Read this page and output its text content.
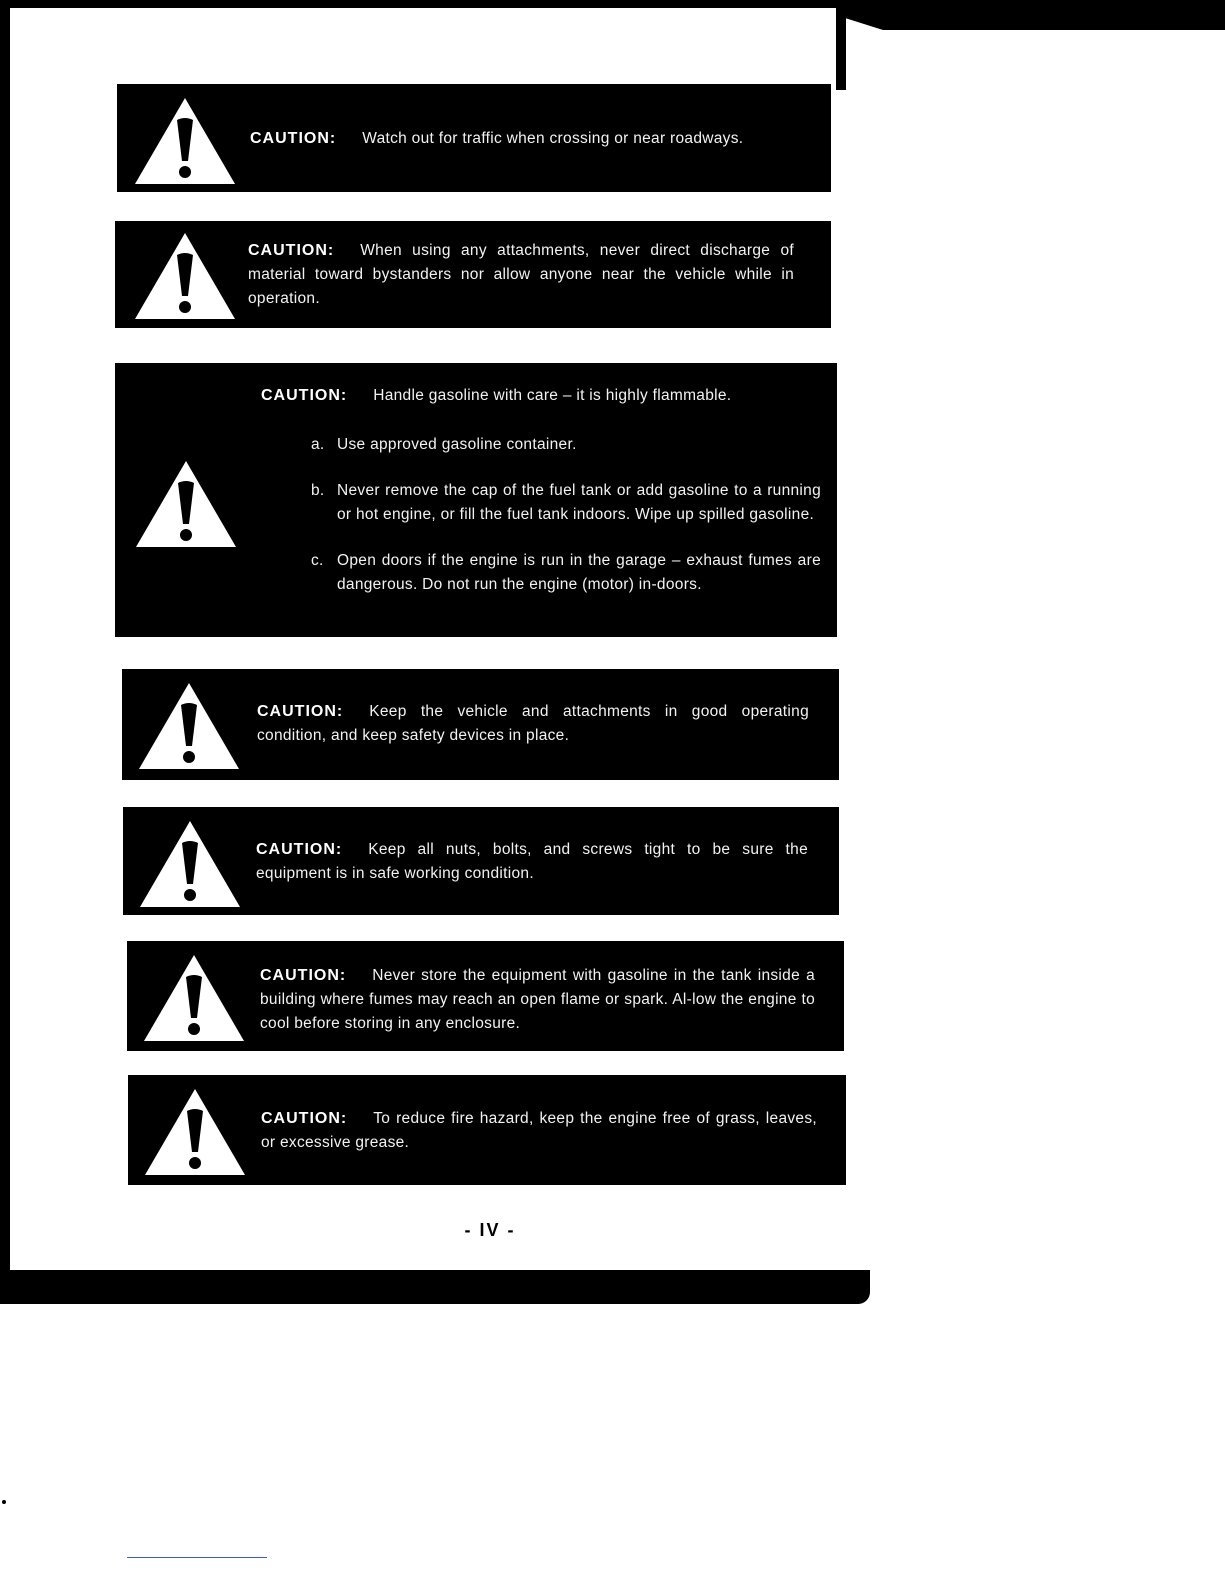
CAUTION: Watch out for traffic when crossing or near roadways.
CAUTION: When using any attachments, never direct discharge of material toward bystanders nor allow anyone near the vehicle while in operation.
CAUTION: Handle gasoline with care – it is highly flammable.
a. Use approved gasoline container.
b. Never remove the cap of the fuel tank or add gasoline to a running or hot engine, or fill the fuel tank indoors. Wipe up spilled gasoline.
c. Open doors if the engine is run in the garage – exhaust fumes are dangerous. Do not run the engine (motor) in-doors.
CAUTION: Keep the vehicle and attachments in good operating condition, and keep safety devices in place.
CAUTION: Keep all nuts, bolts, and screws tight to be sure the equipment is in safe working condition.
CAUTION: Never store the equipment with gasoline in the tank inside a building where fumes may reach an open flame or spark. Al-low the engine to cool before storing in any enclosure.
CAUTION: To reduce fire hazard, keep the engine free of grass, leaves, or excessive grease.
- IV -
